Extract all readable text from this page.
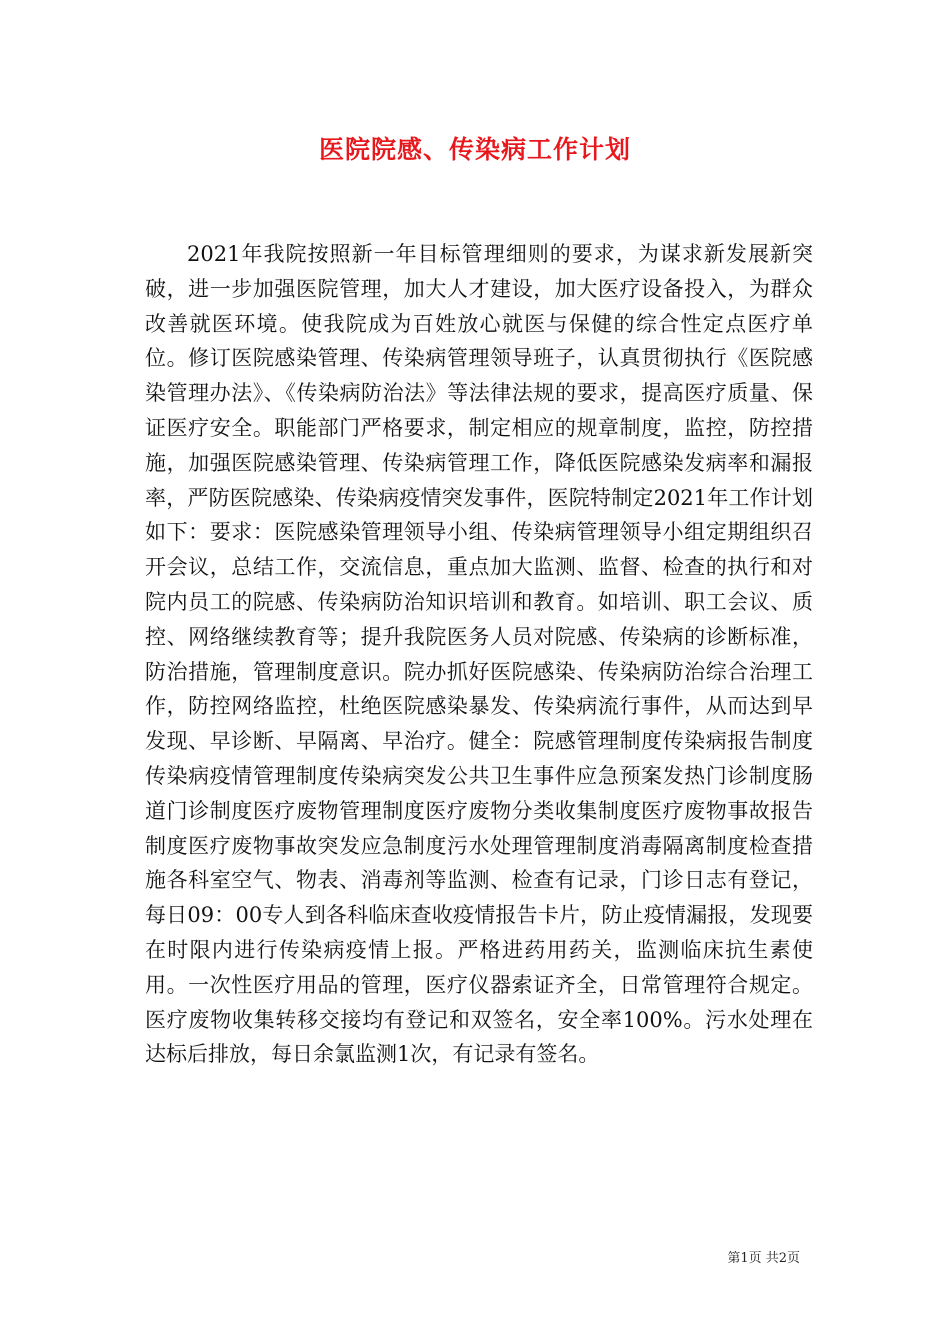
医院院感、传染病工作计划

2021年我院按照新一年目标管理细则的要求，为谋求新发展新突破，进一步加强医院管理，加大人才建设，加大医疗设备投入，为群众改善就医环境。使我院成为百姓放心就医与保健的综合性定点医疗单位。修订医院感染管理、传染病管理领导班子，认真贯彻执行《医院感染管理办法》、《传染病防治法》等法律法规的要求，提高医疗质量、保证医疗安全。职能部门严格要求，制定相应的规章制度，监控，防控措施，加强医院感染管理、传染病管理工作，降低医院感染发病率和漏报率，严防医院感染、传染病疫情突发事件，医院特制定2021年工作计划如下：要求：医院感染管理领导小组、传染病管理领导小组定期组织召开会议，总结工作，交流信息，重点加大监测、监督、检查的执行和对院内员工的院感、传染病防治知识培训和教育。如培训、职工会议、质控、网络继续教育等；提升我院医务人员对院感、传染病的诊断标准，防治措施，管理制度意识。院办抓好医院感染、传染病防治综合治理工作，防控网络监控，杜绝医院感染暴发、传染病流行事件，从而达到早发现、早诊断、早隔离、早治疗。健全：院感管理制度传染病报告制度传染病疫情管理制度传染病突发公共卫生事件应急预案发热门诊制度肠道门诊制度医疗废物管理制度医疗废物分类收集制度医疗废物事故报告制度医疗废物事故突发应急制度污水处理管理制度消毒隔离制度检查措施各科室空气、物表、消毒剂等监测、检查有记录，门诊日志有登记，每日09：00专人到各科临床查收疫情报告卡片，防止疫情漏报，发现要在时限内进行传染病疫情上报。严格进药用药关，监测临床抗生素使用。一次性医疗用品的管理，医疗仪器索证齐全，日常管理符合规定。医疗废物收集转移交接均有登记和双签名，安全率100%。污水处理在达标后排放，每日余氯监测1次，有记录有签名。

第1页 共2页
